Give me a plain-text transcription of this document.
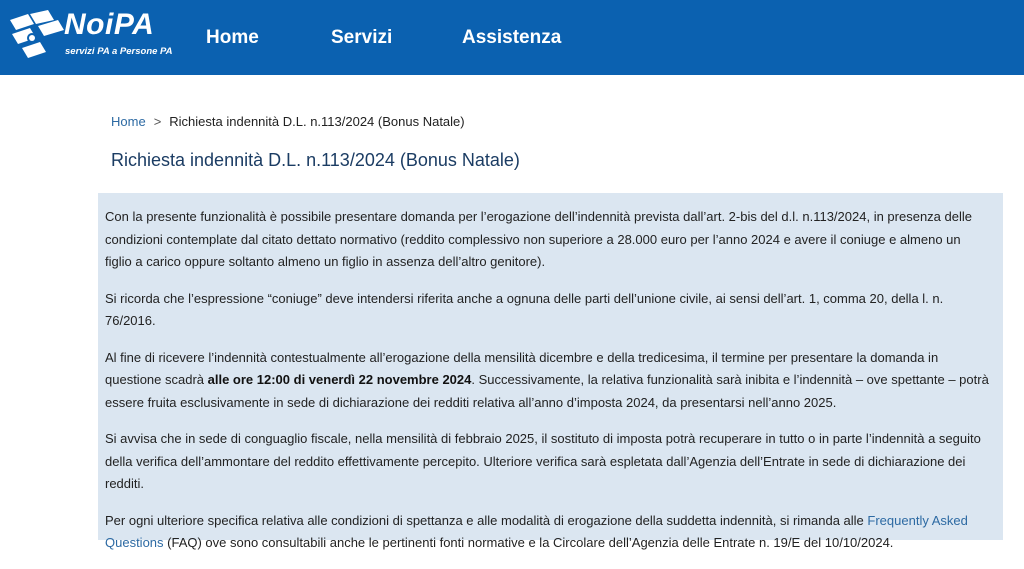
NoiPA
servizi PA a Persone PA
Home	Servizi	Assistenza
Home > Richiesta indennità D.L. n.113/2024 (Bonus Natale)
Richiesta indennità D.L. n.113/2024 (Bonus Natale)

Con la presente funzionalità è possibile presentare domanda per l’erogazione dell’indennità prevista dall’art. 2-bis del d.l. n.113/2024, in presenza delle condizioni contemplate dal citato dettato normativo (reddito complessivo non superiore a 28.000 euro per l’anno 2024 e avere il coniuge e almeno un figlio a carico oppure soltanto almeno un figlio in assenza dell’altro genitore).

Si ricorda che l’espressione “coniuge” deve intendersi riferita anche a ognuna delle parti dell’unione civile, ai sensi dell’art. 1, comma 20, della l. n. 76/2016.

Al fine di ricevere l’indennità contestualmente all’erogazione della mensilità dicembre e della tredicesima, il termine per presentare la domanda in questione scadrà alle ore 12:00 di venerdì 22 novembre 2024. Successivamente, la relativa funzionalità sarà inibita e l’indennità – ove spettante – potrà essere fruita esclusivamente in sede di dichiarazione dei redditi relativa all’anno d’imposta 2024, da presentarsi nell’anno 2025.

Si avvisa che in sede di conguaglio fiscale, nella mensilità di febbraio 2025, il sostituto di imposta potrà recuperare in tutto o in parte l’indennità a seguito della verifica dell’ammontare del reddito effettivamente percepito. Ulteriore verifica sarà espletata dall’Agenzia dell’Entrate in sede di dichiarazione dei redditi.

Per ogni ulteriore specifica relativa alle condizioni di spettanza e alle modalità di erogazione della suddetta indennità, si rimanda alle Frequently Asked Questions (FAQ) ove sono consultabili anche le pertinenti fonti normative e la Circolare dell’Agenzia delle Entrate n. 19/E del 10/10/2024.
